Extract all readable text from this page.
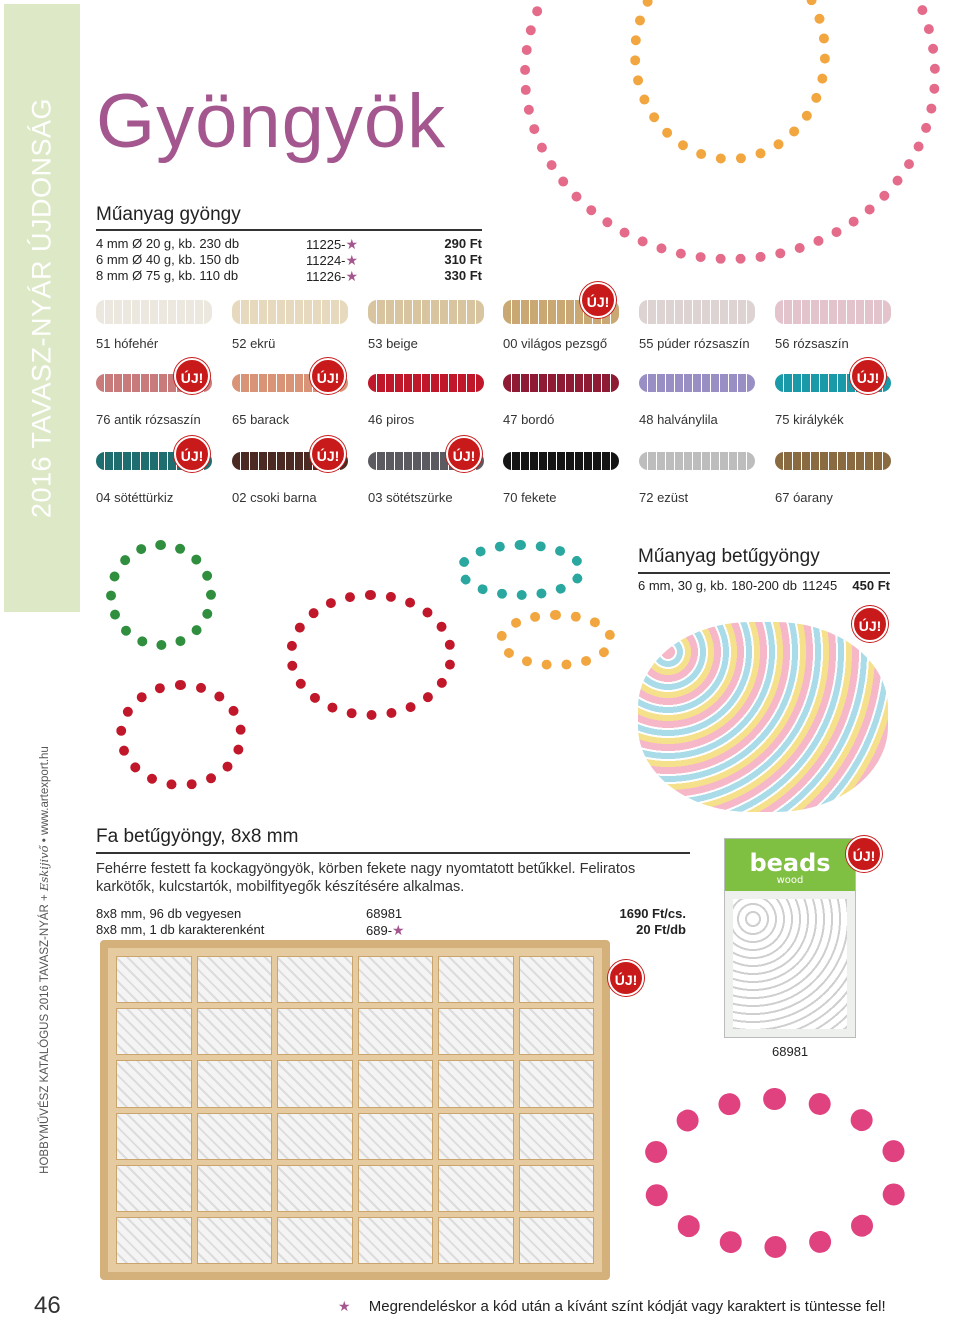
2016 TAVASZ-NYÁR ÚJDONSÁG
HOBBYMŰVÉSZ KATALÓGUS 2016 TAVASZ-NYÁR + Eskijivő • www.artexport.hu
Gyöngyök
Műanyag gyöngy
4 mm Ø 20 g, kb. 230 db	11225-★	290 Ft
6 mm Ø 40 g, kb. 150 db	11224-★	310 Ft
8 mm Ø 75 g, kb. 110 db	11226-★	330 Ft
51 hófehér	52 ekrü	53 beige	00 világos pezsgő 55 púder rózsaszín 56 rózsaszín
76 antik rózsaszín 65 barack	46 piros	47 bordó	48 halványlila	75 királykék
04 sötéttürkiz	02 csoki barna	03 sötétszürke	70 fekete	72 ezüst	67 óarany
ÚJ!
ÚJ!	ÚJ!	ÚJ!
ÚJ!	ÚJ!	ÚJ!
Műanyag betűgyöngy
6 mm, 30 g, kb. 180-200 db 11245 450 Ft
ÚJ!
Fa betűgyöngy, 8x8 mm
Fehérre festett fa kockagyöngyök, körben fekete nagy nyomtatott betűkkel. Feliratos karkötők, kulcstartók, mobilfityegők készítésére alkalmas.
8x8 mm, 96 db vegyesen	68981	1690 Ft/cs.
8x8 mm, 1 db karakterenként	689-★	20 Ft/db
ÚJ!
beads
wood
ÚJ!
68981
46	★ Megrendeléskor a kód után a kívánt színt kódját vagy karaktert is tüntesse fel!
